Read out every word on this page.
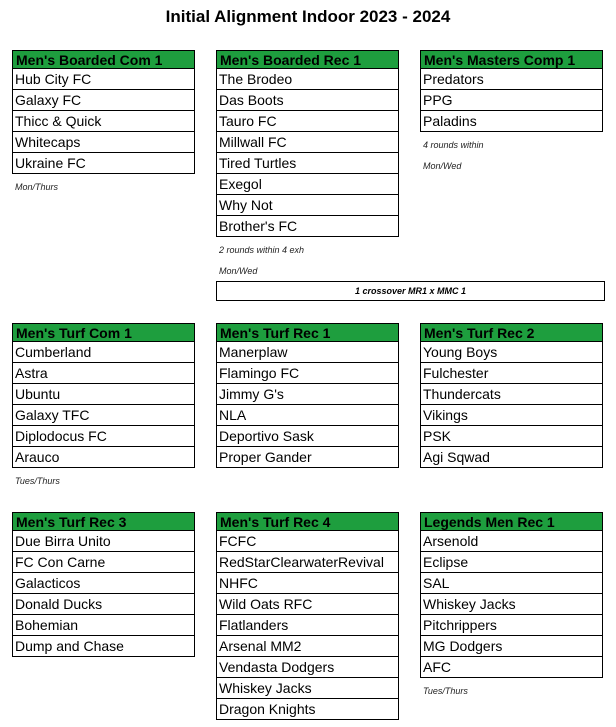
Initial Alignment Indoor 2023 - 2024
Men's Boarded Com 1
Hub City FC
Galaxy FC
Thicc & Quick
Whitecaps
Ukraine FC
Mon/Thurs
Men's Boarded Rec 1
The Brodeo
Das Boots
Tauro FC
Millwall FC
Tired Turtles
Exegol
Why Not
Brother's FC
2 rounds within 4 exh
Mon/Wed
Men's Masters Comp 1
Predators
PPG
Paladins
4 rounds within
Mon/Wed
1 crossover MR1 x MMC 1
Men's Turf Com 1
Cumberland
Astra
Ubuntu
Galaxy TFC
Diplodocus FC
Arauco
Tues/Thurs
Men's Turf Rec 1
Manerplaw
Flamingo FC
Jimmy G's
NLA
Deportivo Sask
Proper Gander
Men's Turf Rec 2
Young Boys
Fulchester
Thundercats
Vikings
PSK
Agi Sqwad
Men's Turf Rec 3
Due Birra Unito
FC Con Carne
Galacticos
Donald Ducks
Bohemian
Dump and Chase
Men's Turf Rec 4
FCFC
RedStarClearwaterRevival
NHFC
Wild Oats RFC
Flatlanders
Arsenal MM2
Vendasta Dodgers
Whiskey Jacks
Dragon Knights
Legends Men Rec 1
Arsenold
Eclipse
SAL
Whiskey Jacks
Pitchrippers
MG Dodgers
AFC
Tues/Thurs
